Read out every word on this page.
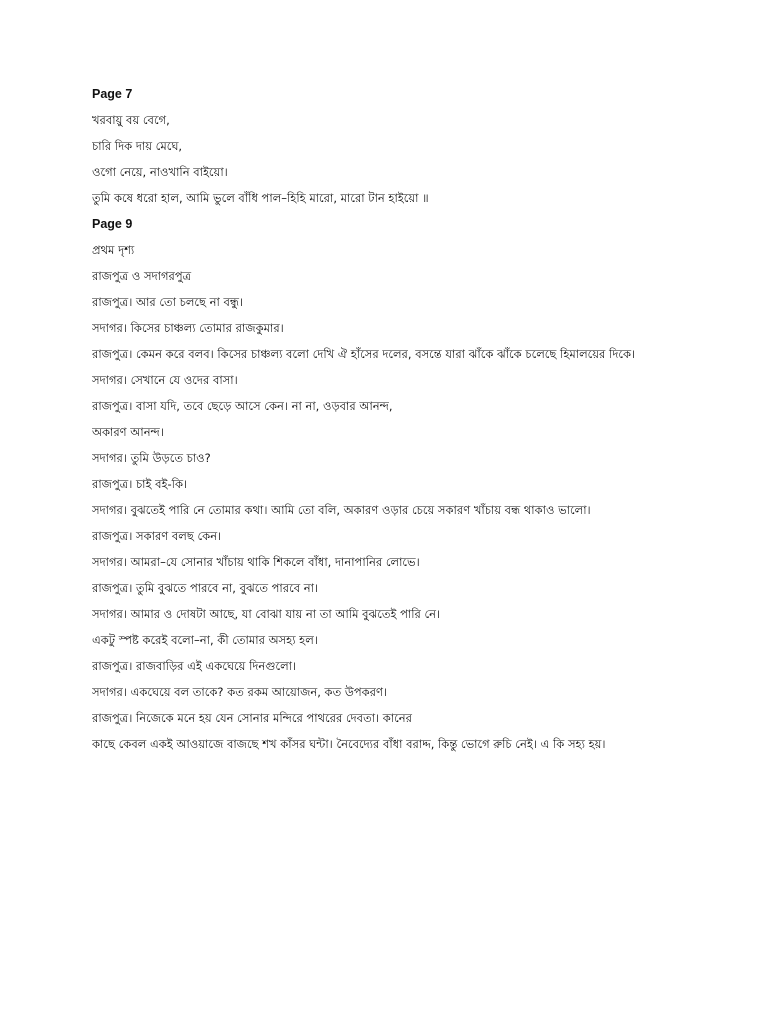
Page 7
খরবায়ু বয় বেগে,
চারি দিক দায় মেঘে,
ওগো নেয়ে, নাওখানি বাইয়ো।
তুমি কষে ধরো হাল, আমি ভুলে বাঁধি পাল–হিহি মারো, মারো টান হাইয়ো ॥
Page 9
প্রথম দৃশ্য
রাজপুত্র ও সদাগরপুত্র
রাজপুত্র। আর তো চলছে না বন্ধু।
সদাগর। কিসের চাঞ্চল্য তোমার রাজকুমার।
রাজপুত্র। কেমন করে বলব। কিসের চাঞ্চল্য বলো দেখি ঐ হাঁসের দলের, বসন্তে যারা ঝাঁকে ঝাঁকে চলেছে হিমালয়ের দিকে।
সদাগর। সেখানে যে ওদের বাসা।
রাজপুত্র। বাসা যদি, তবে ছেড়ে আসে কেন। না না, ওড়বার আনন্দ,
অকারণ আনন্দ।
সদাগর। তুমি উড়তে চাও?
রাজপুত্র। চাই বই-কি।
সদাগর। বুঝতেই পারি নে তোমার কথা। আমি তো বলি, অকারণ ওড়ার চেয়ে সকারণ খাঁচায় বন্ধ থাকাও ভালো।
রাজপুত্র। সকারণ বলছ কেন।
সদাগর। আমরা–যে সোনার খাঁচায় থাকি শিকলে বাঁধা, দানাপানির লোভে।
রাজপুত্র। তুমি বুঝতে পারবে না, বুঝতে পারবে না।
সদাগর। আমার ও দোষটা আছে, যা বোঝা যায় না তা আমি বুঝতেই পারি নে।
একটু স্পষ্ট করেই বলো–না, কী তোমার অসহ্য হল।
রাজপুত্র। রাজবাড়ির এই একঘেয়ে দিনগুলো।
সদাগর। একঘেয়ে বল তাকে? কত রকম আয়োজন, কত উপকরণ।
রাজপুত্র। নিজেকে মনে হয় যেন সোনার মন্দিরে পাথরের দেবতা। কানের
কাছে কেবল একই আওয়াজে বাজছে শখ কাঁসর ঘন্টা। নৈবেদ্যের বাঁধা বরাদ্দ, কিন্তু ভোগে রুচি নেই। এ কি সহ্য হয়।
